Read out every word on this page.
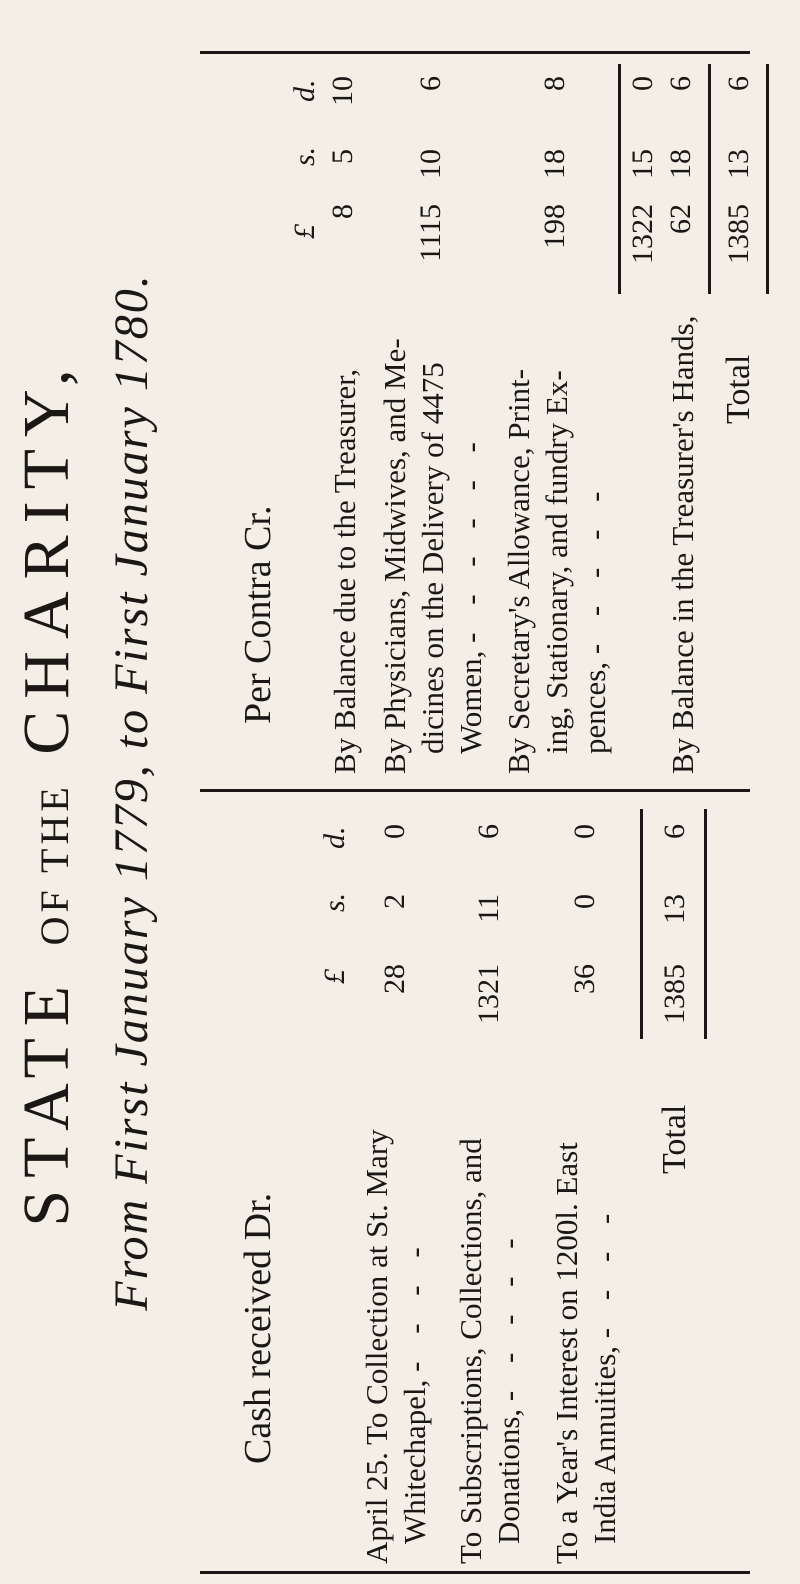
STATE OF THE CHARITY, From First January 1779, to First January 1780.
Cash received Dr.
£
s.
d.
April 25. To Collection at St. Mary Whitechapel, - - - -
28
2
0
To Subscriptions, Collections, and Donations, - - - - -
1321
11
6
To a Year's Interest on 1200l. East India Annuities, - - - -
36
0
0
Total
1385
13
6
Per Contra Cr.
£
s.
d.
By Balance due to the Treasurer,
8
5
10
By Physicians, Midwives, and Me- dicines on the Delivery of 4475 Women, - - - - - -
1115
10
6
By Secretary's Allowance, Print- ing, Stationary, and fundry Ex- pences, - - - - -
198
18
8
1322
15
0
By Balance in the Treasurer's Hands,
62
18
6
Total
1385
13
6
